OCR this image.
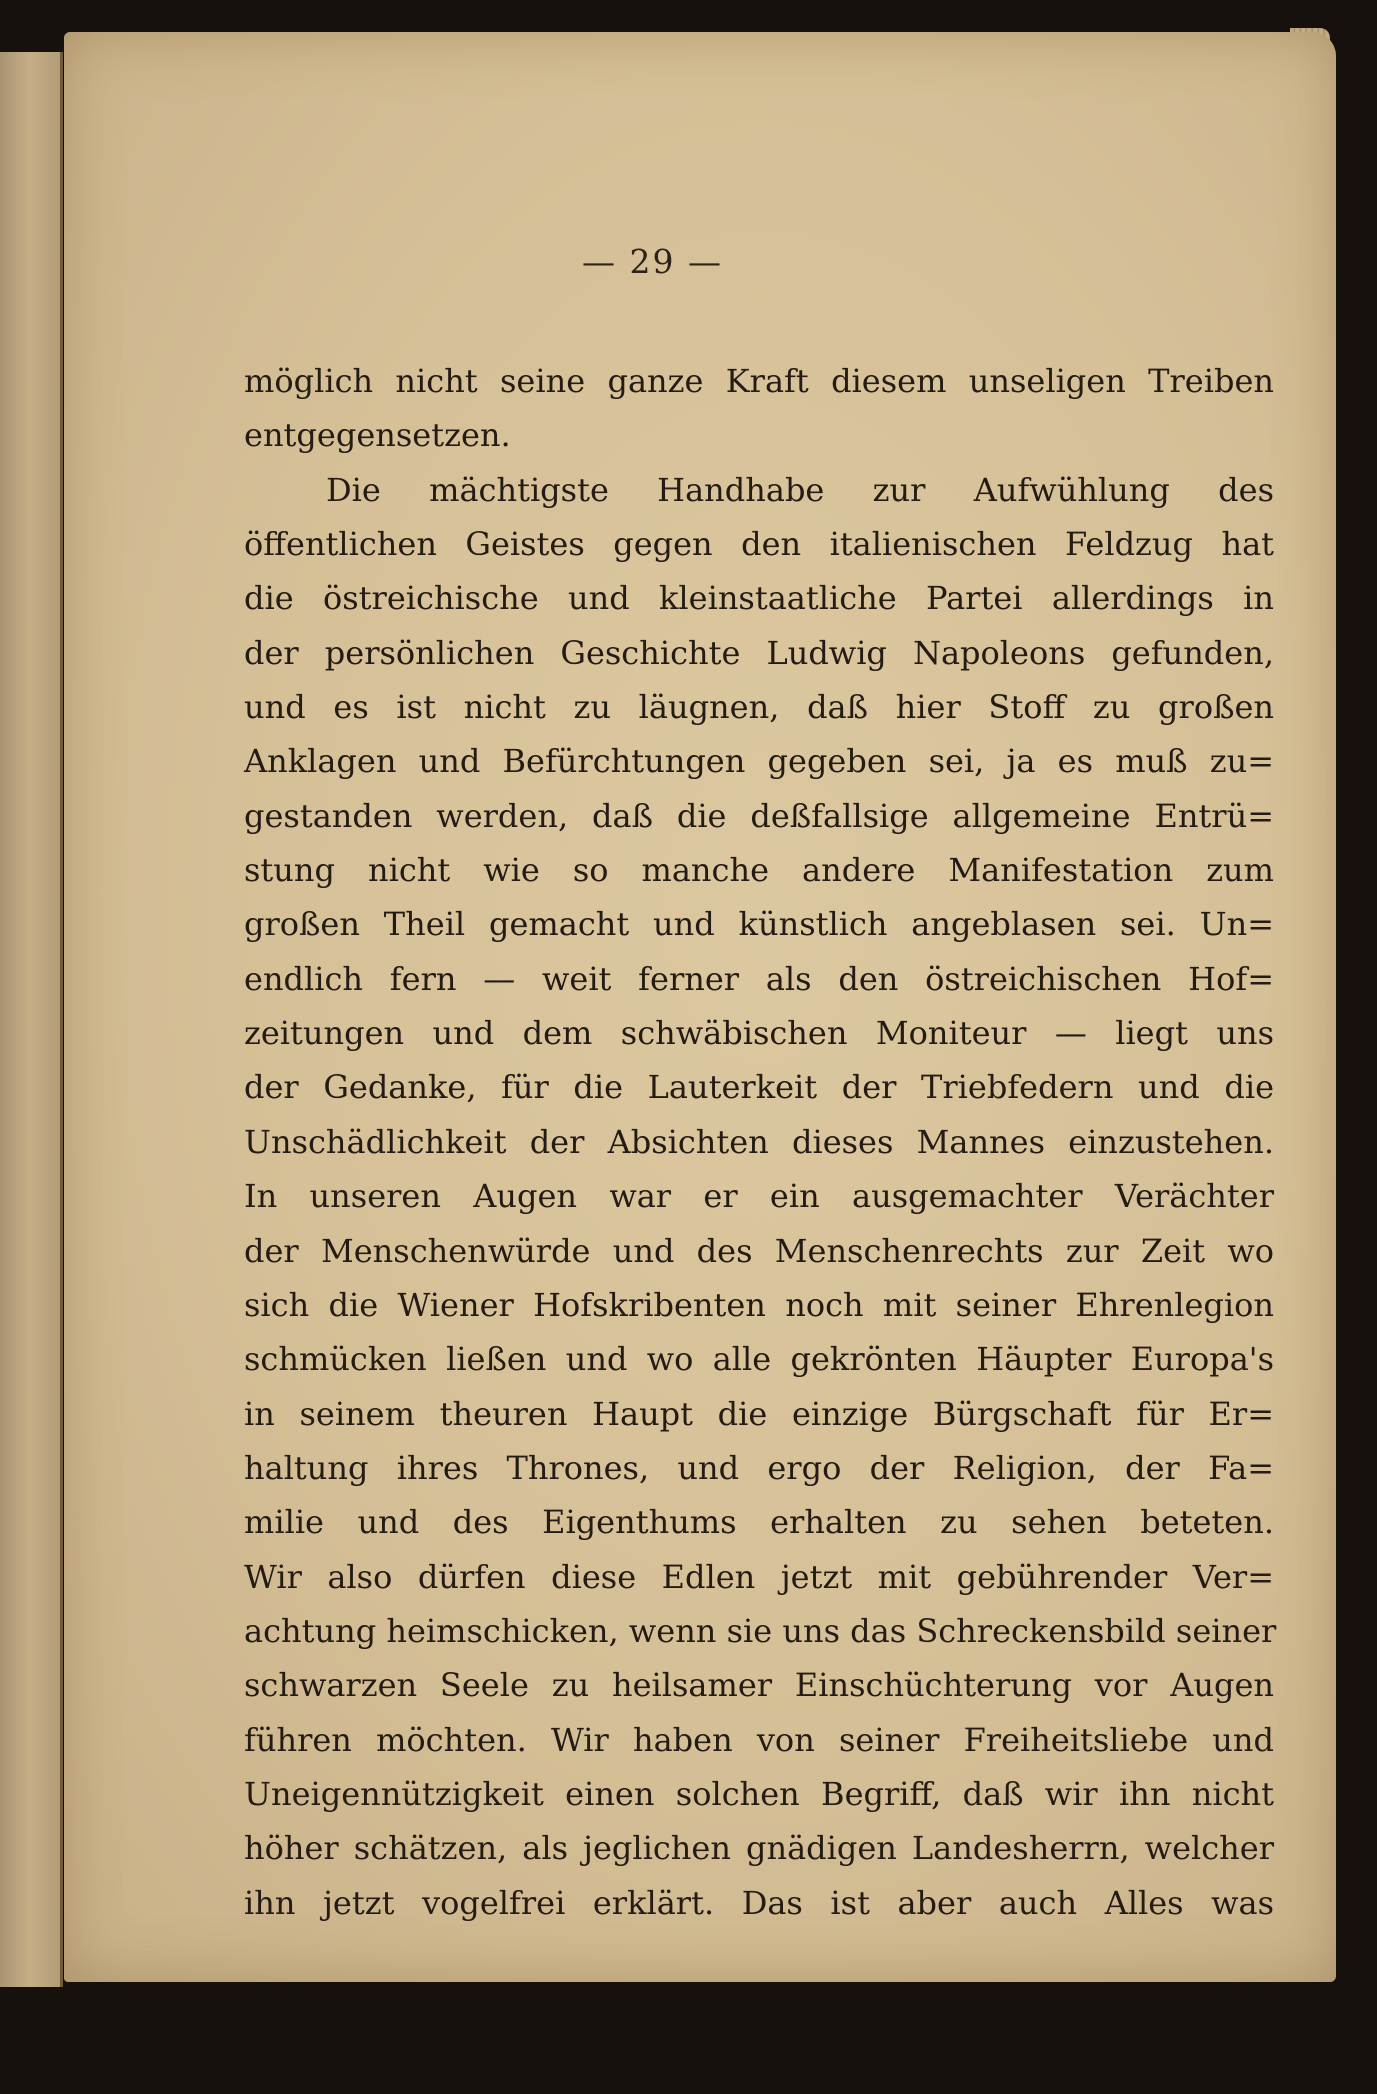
— 29 —
möglich nicht seine ganze Kraft diesem unseligen Treiben
entgegensetzen.
Die mächtigste Handhabe zur Aufwühlung des
öffentlichen Geistes gegen den italienischen Feldzug hat
die östreichische und kleinstaatliche Partei allerdings in
der persönlichen Geschichte Ludwig Napoleons gefunden,
und es ist nicht zu läugnen, daß hier Stoff zu großen
Anklagen und Befürchtungen gegeben sei, ja es muß zu=
gestanden werden, daß die deßfallsige allgemeine Entrü=
stung nicht wie so manche andere Manifestation zum
großen Theil gemacht und künstlich angeblasen sei. Un=
endlich fern — weit ferner als den östreichischen Hof=
zeitungen und dem schwäbischen Moniteur — liegt uns
der Gedanke, für die Lauterkeit der Triebfedern und die
Unschädlichkeit der Absichten dieses Mannes einzustehen.
In unseren Augen war er ein ausgemachter Verächter
der Menschenwürde und des Menschenrechts zur Zeit wo
sich die Wiener Hofskribenten noch mit seiner Ehrenlegion
schmücken ließen und wo alle gekrönten Häupter Europa's
in seinem theuren Haupt die einzige Bürgschaft für Er=
haltung ihres Thrones, und ergo der Religion, der Fa=
milie und des Eigenthums erhalten zu sehen beteten.
Wir also dürfen diese Edlen jetzt mit gebührender Ver=
achtung heimschicken, wenn sie uns das Schreckensbild seiner
schwarzen Seele zu heilsamer Einschüchterung vor Augen
führen möchten. Wir haben von seiner Freiheitsliebe und
Uneigennützigkeit einen solchen Begriff, daß wir ihn nicht
höher schätzen, als jeglichen gnädigen Landesherrn, welcher
ihn jetzt vogelfrei erklärt. Das ist aber auch Alles was
